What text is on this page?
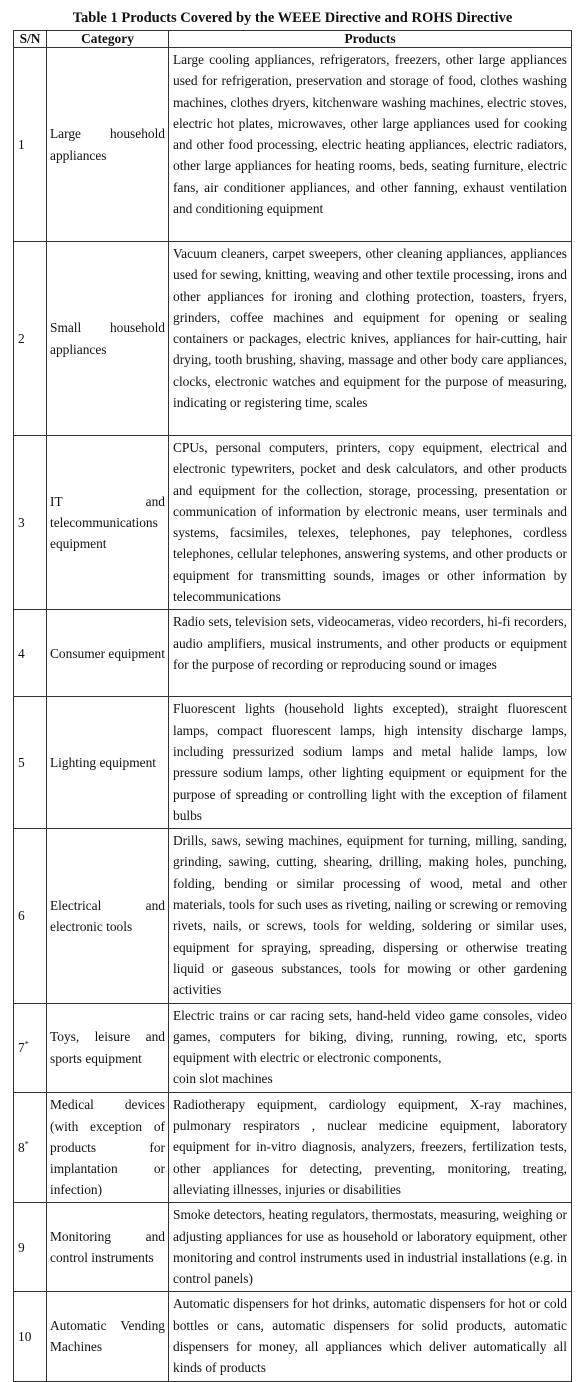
Table 1 Products Covered by the WEEE Directive and ROHS Directive
S/N	Category	Products
1	Large household appliances	Large cooling appliances, refrigerators, freezers, other large appliances used for refrigeration, preservation and storage of food, clothes washing machines, clothes dryers, kitchenware washing machines, electric stoves, electric hot plates, microwaves, other large appliances used for cooking and other food processing, electric heating appliances, electric radiators, other large appliances for heating rooms, beds, seating furniture, electric fans, air conditioner appliances, and other fanning, exhaust ventilation and conditioning equipment
2	Small household appliances	Vacuum cleaners, carpet sweepers, other cleaning appliances, appliances used for sewing, knitting, weaving and other textile processing, irons and other appliances for ironing and clothing protection, toasters, fryers, grinders, coffee machines and equipment for opening or sealing containers or packages, electric knives, appliances for hair-cutting, hair drying, tooth brushing, shaving, massage and other body care appliances, clocks, electronic watches and equipment for the purpose of measuring, indicating or registering time, scales
3	IT and telecommunications equipment	CPUs, personal computers, printers, copy equipment, electrical and electronic typewriters, pocket and desk calculators, and other products and equipment for the collection, storage, processing, presentation or communication of information by electronic means, user terminals and systems, facsimiles, telexes, telephones, pay telephones, cordless telephones, cellular telephones, answering systems, and other products or equipment for transmitting sounds, images or other information by telecommunications
4	Consumer equipment	Radio sets, television sets, videocameras, video recorders, hi-fi recorders, audio amplifiers, musical instruments, and other products or equipment for the purpose of recording or reproducing sound or images
5	Lighting equipment	Fluorescent lights (household lights excepted), straight fluorescent lamps, compact fluorescent lamps, high intensity discharge lamps, including pressurized sodium lamps and metal halide lamps, low pressure sodium lamps, other lighting equipment or equipment for the purpose of spreading or controlling light with the exception of filament bulbs
6	Electrical and electronic tools	Drills, saws, sewing machines, equipment for turning, milling, sanding, grinding, sawing, cutting, shearing, drilling, making holes, punching, folding, bending or similar processing of wood, metal and other materials, tools for such uses as riveting, nailing or screwing or removing rivets, nails, or screws, tools for welding, soldering or similar uses, equipment for spraying, spreading, dispersing or otherwise treating liquid or gaseous substances, tools for mowing or other gardening activities
7*	Toys, leisure and sports equipment	Electric trains or car racing sets, hand-held video game consoles, video games, computers for biking, diving, running, rowing, etc, sports equipment with electric or electronic components,
coin slot machines

8*	Medical devices (with exception of products for implantation or infection)	Radiotherapy equipment, cardiology equipment, X-ray machines, pulmonary respirators , nuclear medicine equipment, laboratory equipment for in-vitro diagnosis, analyzers, freezers, fertilization tests, other appliances for detecting, preventing, monitoring, treating, alleviating illnesses, injuries or disabilities
9	Monitoring and control instruments	Smoke detectors, heating regulators, thermostats, measuring, weighing or adjusting appliances for use as household or laboratory equipment, other monitoring and control instruments used in industrial installations (e.g. in control panels)
10	Automatic Vending Machines	Automatic dispensers for hot drinks, automatic dispensers for hot or cold bottles or cans, automatic dispensers for solid products, automatic dispensers for money, all appliances which deliver automatically all kinds of products
